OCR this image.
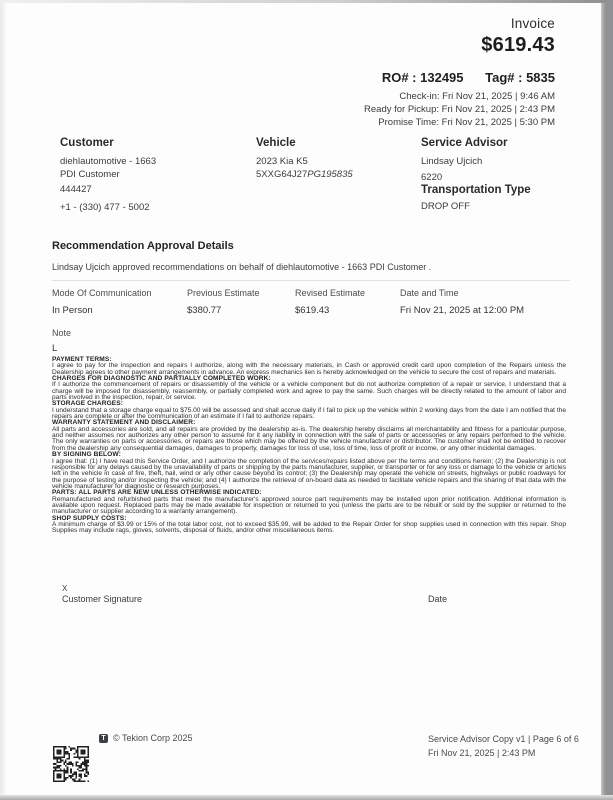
Invoice
$619.43
RO# : 132495 Tag# : 5835
Check-in: Fri Nov 21, 2025 | 9:46 AM
Ready for Pickup: Fri Nov 21, 2025 | 2:43 PM
Promise Time: Fri Nov 21, 2025 | 5:30 PM
Customer
diehlautomotive - 1663
PDI Customer
444427
+1 - (330) 477 - 5002
Vehicle
2023 Kia K5
5XXG64J27PG195835
Service Advisor
Lindsay Ujcich
6220
Transportation Type
DROP OFF
Recommendation Approval Details
Lindsay Ujcich approved recommendations on behalf of diehlautomotive - 1663 PDI Customer .
Mode Of Communication
In Person
Previous Estimate
$380.77
Revised Estimate
$619.43
Date and Time
Fri Nov 21, 2025 at 12:00 PM
Note
L

PAYMENT TERMS:
I agree to pay for the inspection and repairs I authorize, along with the necessary materials, in Cash or approved credit card upon completion of the Repairs unless the Dealership agrees to other payment arrangements in advance. An express mechanics lien is hereby acknowledged on the vehicle to secure the cost of repairs and materials.

CHARGES FOR DIAGNOSTIC AND PARTIALLY COMPLETED WORK:
If I authorize the commencement of repairs or disassembly of the vehicle or a vehicle component but do not authorize completion of a repair or service, I understand that a charge will be imposed for disassembly, reassembly, or partially completed work and agree to pay the same. Such charges will be directly related to the amount of labor and parts involved in the inspection, repair, or service.

STORAGE CHARGES:
I understand that a storage charge equal to $75.00 will be assessed and shall accrue daily if I fail to pick up the vehicle within 2 working days from the date I am notified that the repairs are complete or after the communication of an estimate if I fail to authorize repairs.

WARRANTY STATEMENT AND DISCLAIMER:
All parts and accessories are sold, and all repairs are provided by the dealership as-is. The dealership hereby disclaims all merchantability and fitness for a particular purpose, and neither assumes nor authorizes any other person to assume for it any liability in connection with the sale of parts or accessories or any repairs performed to the vehicle. The only warranties on parts or accessories, or repairs are those which may be offered by the vehicle manufacturer or distributor. The customer shall not be entitled to recover from the dealership any consequential damages, damages to property, damages for loss of use, loss of time, loss of profit or income, or any other incidental damages.

BY SIGNING BELOW:
I agree that: (1) I have read this Service Order, and I authorize the completion of the services/repairs listed above per the terms and conditions herein; (2) the Dealership is not responsible for any delays caused by the unavailability of parts or shipping by the parts manufacturer, supplier, or transporter or for any loss or damage to the vehicle or articles left in the vehicle in case of fire, theft, hail, wind or any other cause beyond its control; (3) the Dealership may operate the vehicle on streets, highways or public roadways for the purpose of testing and/or inspecting the vehicle; and (4) I authorize the retrieval of on-board data as needed to facilitate vehicle repairs and the sharing of that data with the vehicle manufacturer for diagnostic or research purposes.

PARTS: ALL PARTS ARE NEW UNLESS OTHERWISE INDICATED:
Remanufactured and refurbished parts that meet the manufacturer's approved source part requirements may be installed upon prior notification. Additional information is available upon request. Replaced parts may be made available for inspection or returned to you (unless the parts are to be rebuilt or sold by the supplier or returned to the manufacturer or supplier according to a warranty arrangement).

SHOP SUPPLY COSTS:
A minimum charge of $3.99 or 15% of the total labor cost, not to exceed $35.99, will be added to the Repair Order for shop supplies used in connection with this repair. Shop Supplies may include rags, gloves, solvents, disposal of fluids, and/or other miscellaneous items.

X
Customer Signature	Date
T © Tekion Corp 2025	Service Advisor Copy v1 | Page 6 of 6
Fri Nov 21, 2025 | 2:43 PM
